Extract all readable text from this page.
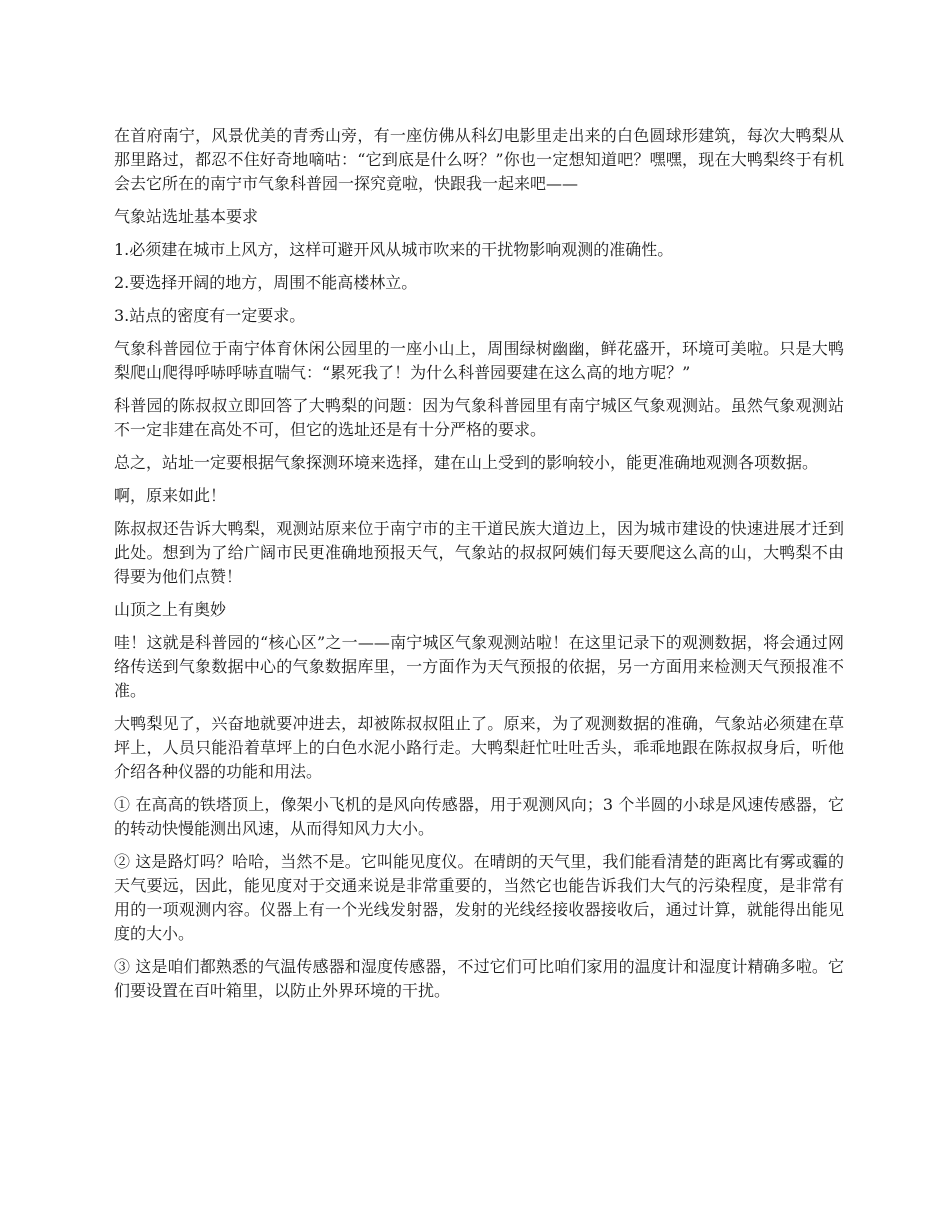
在首府南宁，风景优美的青秀山旁，有一座仿佛从科幻电影里走出来的白色圆球形建筑，每次大鸭梨从那里路过，都忍不住好奇地嘀咕：“它到底是什么呀？”你也一定想知道吧？嘿嘿，现在大鸭梨终于有机会去它所在的南宁市气象科普园一探究竟啦，快跟我一起来吧——

气象站选址基本要求

1.必须建在城市上风方，这样可避开风从城市吹来的干扰物影响观测的准确性。

2.要选择开阔的地方，周围不能高楼林立。

3.站点的密度有一定要求。

气象科普园位于南宁体育休闲公园里的一座小山上，周围绿树幽幽，鲜花盛开，环境可美啦。只是大鸭梨爬山爬得呼哧呼哧直喘气：“累死我了！为什么科普园要建在这么高的地方呢？”

科普园的陈叔叔立即回答了大鸭梨的问题：因为气象科普园里有南宁城区气象观测站。虽然气象观测站不一定非建在高处不可，但它的选址还是有十分严格的要求。

总之，站址一定要根据气象探测环境来选择，建在山上受到的影响较小，能更准确地观测各项数据。

啊，原来如此！

陈叔叔还告诉大鸭梨，观测站原来位于南宁市的主干道民族大道边上，因为城市建设的快速进展才迁到此处。想到为了给广阔市民更准确地预报天气，气象站的叔叔阿姨们每天要爬这么高的山，大鸭梨不由得要为他们点赞！

山顶之上有奥妙

哇！这就是科普园的“核心区”之一——南宁城区气象观测站啦！在这里记录下的观测数据，将会通过网络传送到气象数据中心的气象数据库里，一方面作为天气预报的依据，另一方面用来检测天气预报准不准。

大鸭梨见了，兴奋地就要冲进去，却被陈叔叔阻止了。原来，为了观测数据的准确，气象站必须建在草坪上，人员只能沿着草坪上的白色水泥小路行走。大鸭梨赶忙吐吐舌头，乖乖地跟在陈叔叔身后，听他介绍各种仪器的功能和用法。

① 在高高的铁塔顶上，像架小飞机的是风向传感器，用于观测风向；3 个半圆的小球是风速传感器，它的转动快慢能测出风速，从而得知风力大小。

② 这是路灯吗？哈哈，当然不是。它叫能见度仪。在晴朗的天气里，我们能看清楚的距离比有雾或霾的天气要远，因此，能见度对于交通来说是非常重要的，当然它也能告诉我们大气的污染程度，是非常有用的一项观测内容。仪器上有一个光线发射器，发射的光线经接收器接收后，通过计算，就能得出能见度的大小。

③ 这是咱们都熟悉的气温传感器和湿度传感器，不过它们可比咱们家用的温度计和湿度计精确多啦。它们要设置在百叶箱里，以防止外界环境的干扰。
